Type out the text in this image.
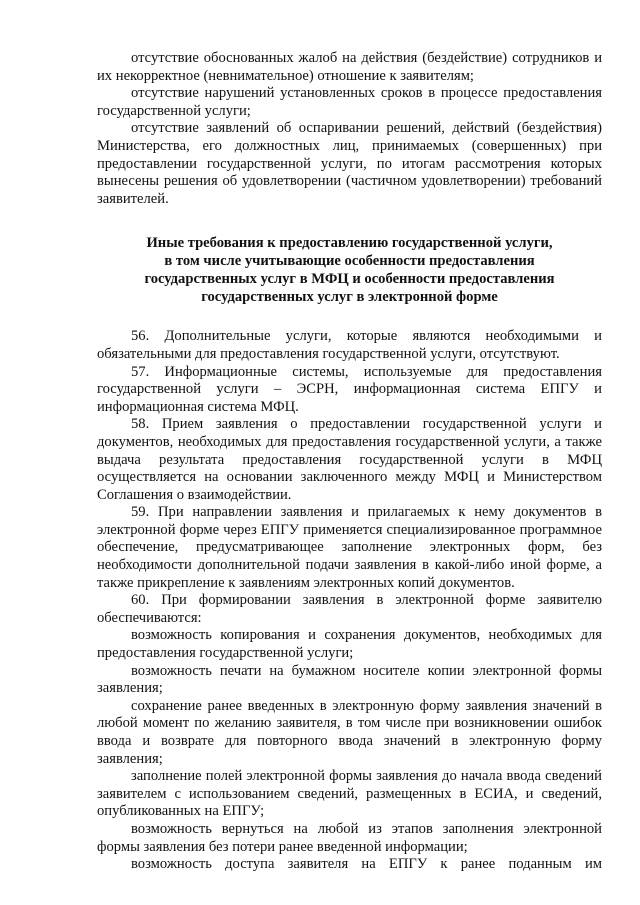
отсутствие обоснованных жалоб на действия (бездействие) сотрудников и их некорректное (невнимательное) отношение к заявителям;

отсутствие нарушений установленных сроков в процессе предоставления государственной услуги;

отсутствие заявлений об оспаривании решений, действий (бездействия) Министерства, его должностных лиц, принимаемых (совершенных) при предоставлении государственной услуги, по итогам рассмотрения которых вынесены решения об удовлетворении (частичном удовлетворении) требований заявителей.

Иные требования к предоставлению государственной услуги,
в том числе учитывающие особенности предоставления
государственных услуг в МФЦ и особенности предоставления
государственных услуг в электронной форме

56. Дополнительные услуги, которые являются необходимыми и обязательными для предоставления государственной услуги, отсутствуют.

57. Информационные системы, используемые для предоставления государственной услуги – ЭСРН, информационная система ЕПГУ и информационная система МФЦ.

58. Прием заявления о предоставлении государственной услуги и документов, необходимых для предоставления государственной услуги, а также выдача результата предоставления государственной услуги в МФЦ осуществляется на основании заключенного между МФЦ и Министерством Соглашения о взаимодействии.

59. При направлении заявления и прилагаемых к нему документов в электронной форме через ЕПГУ применяется специализированное программное обеспечение, предусматривающее заполнение электронных форм, без необходимости дополнительной подачи заявления в какой-либо иной форме, а также прикрепление к заявлениям электронных копий документов.

60. При формировании заявления в электронной форме заявителю обеспечиваются:

возможность копирования и сохранения документов, необходимых для предоставления государственной услуги;

возможность печати на бумажном носителе копии электронной формы заявления;

сохранение ранее введенных в электронную форму заявления значений в любой момент по желанию заявителя, в том числе при возникновении ошибок ввода и возврате для повторного ввода значений в электронную форму заявления;

заполнение полей электронной формы заявления до начала ввода сведений заявителем с использованием сведений, размещенных в ЕСИА, и сведений, опубликованных на ЕПГУ;

возможность вернуться на любой из этапов заполнения электронной формы заявления без потери ранее введенной информации;

возможность доступа заявителя на ЕПГУ к ранее поданным им
